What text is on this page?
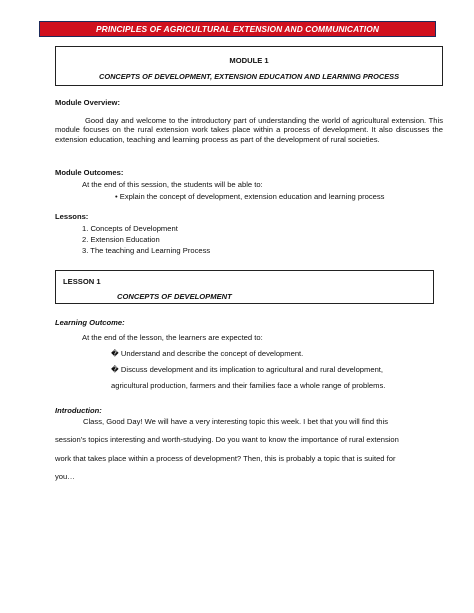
PRINCIPLES OF AGRICULTURAL EXTENSION AND COMMUNICATION
MODULE 1
CONCEPTS OF DEVELOPMENT, EXTENSION EDUCATION AND LEARNING PROCESS
Module Overview:
Good day and welcome to the introductory part of understanding the world of agricultural extension. This module focuses on the rural extension work takes place within a process of development. It also discusses the extension education, teaching and learning process as part of the development of rural societies.
Module Outcomes:
At the end of this session, the students will be able to:
• Explain the concept of development, extension education and learning process
Lessons:
1. Concepts of Development
2. Extension Education
3. The teaching and Learning Process
LESSON 1
CONCEPTS OF DEVELOPMENT
Learning Outcome:
At the end of the lesson, the learners are expected to:
� Understand and describe the concept of development.
� Discuss development and its implication to agricultural and rural development,
agricultural production, farmers and their families face a whole range of problems.
Introduction:
Class, Good Day! We will have a very interesting topic this week. I bet that you will find this
session’s topics interesting and worth-studying. Do you want to know the importance of rural extension
work that takes place within a process of development? Then, this is probably a topic that is suited for
you…
